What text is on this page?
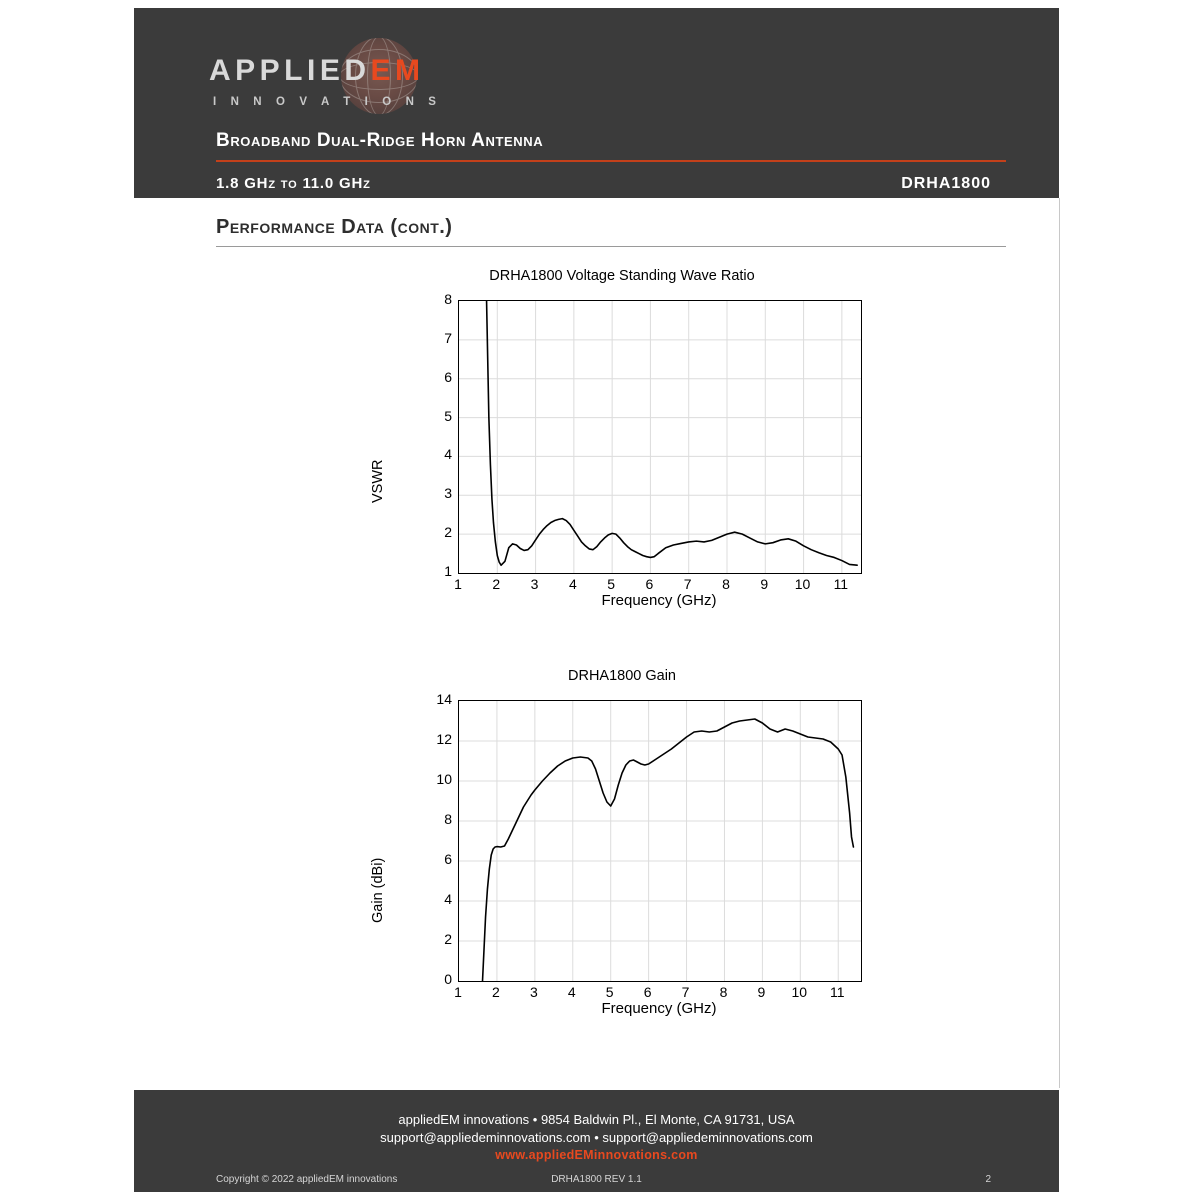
APPLIEDEM
I N N O V A T I O N S
Broadband Dual-Ridge Horn Antenna
1.8 GHz to 11.0 GHz	DRHA1800
Performance Data (cont.)
DRHA1800 Voltage Standing Wave Ratio
VSWR
Frequency (GHz)
1	2	3	4	5	6	7	8	9	10	11
1
2
3
4
5
6
7
8
DRHA1800 Gain
Gain (dBi)
Frequency (GHz)
1	2	3	4	5	6	7	8	9	10	11
0
2
4
6
8
10
12
14
appliedEM innovations • 9854 Baldwin Pl., El Monte, CA 91731, USA
support@appliedeminnovations.com • support@appliedeminnovations.com
www.appliedEMinnovations.com
Copyright © 2022 appliedEM innovations	DRHA1800 REV 1.1	2
